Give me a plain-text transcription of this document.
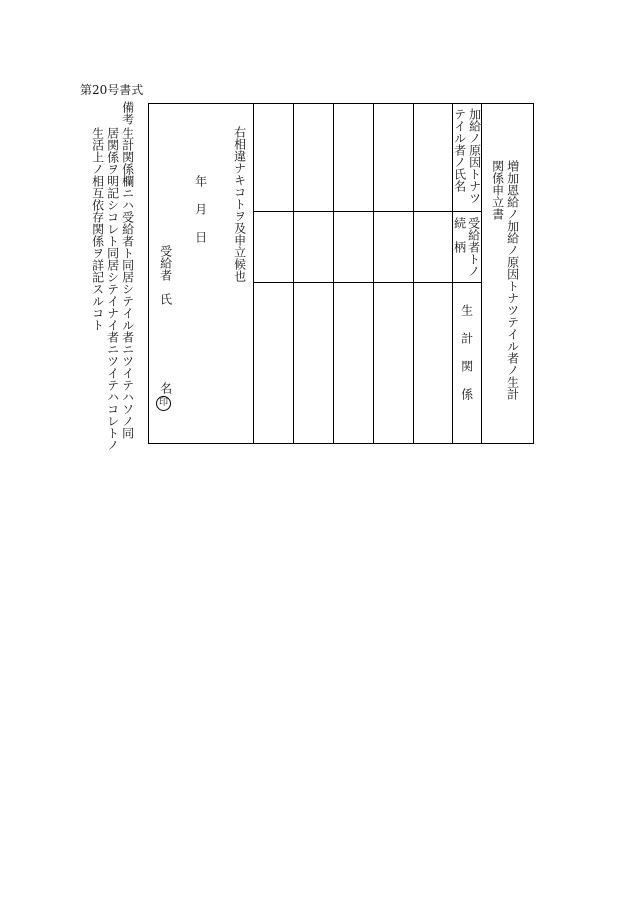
第20号書式
増加恩給ノ加給ノ原因トナツテイル者ノ生計
関係申立書
加給ノ原因トナツ
テイル者ノ氏名
受給者トノ
続　柄
生　計　関　係
右相違ナキコトヲ及申立候也
年　月　日
受給者　氏
名
印
備考
生計関係欄ニハ受給者ト同居シテイル者ニツイテハソノ同
居関係ヲ明記シコレト同居シテイナイ者ニツイテハコレトノ
生活上ノ相互依存関係ヲ詳記スルコト
